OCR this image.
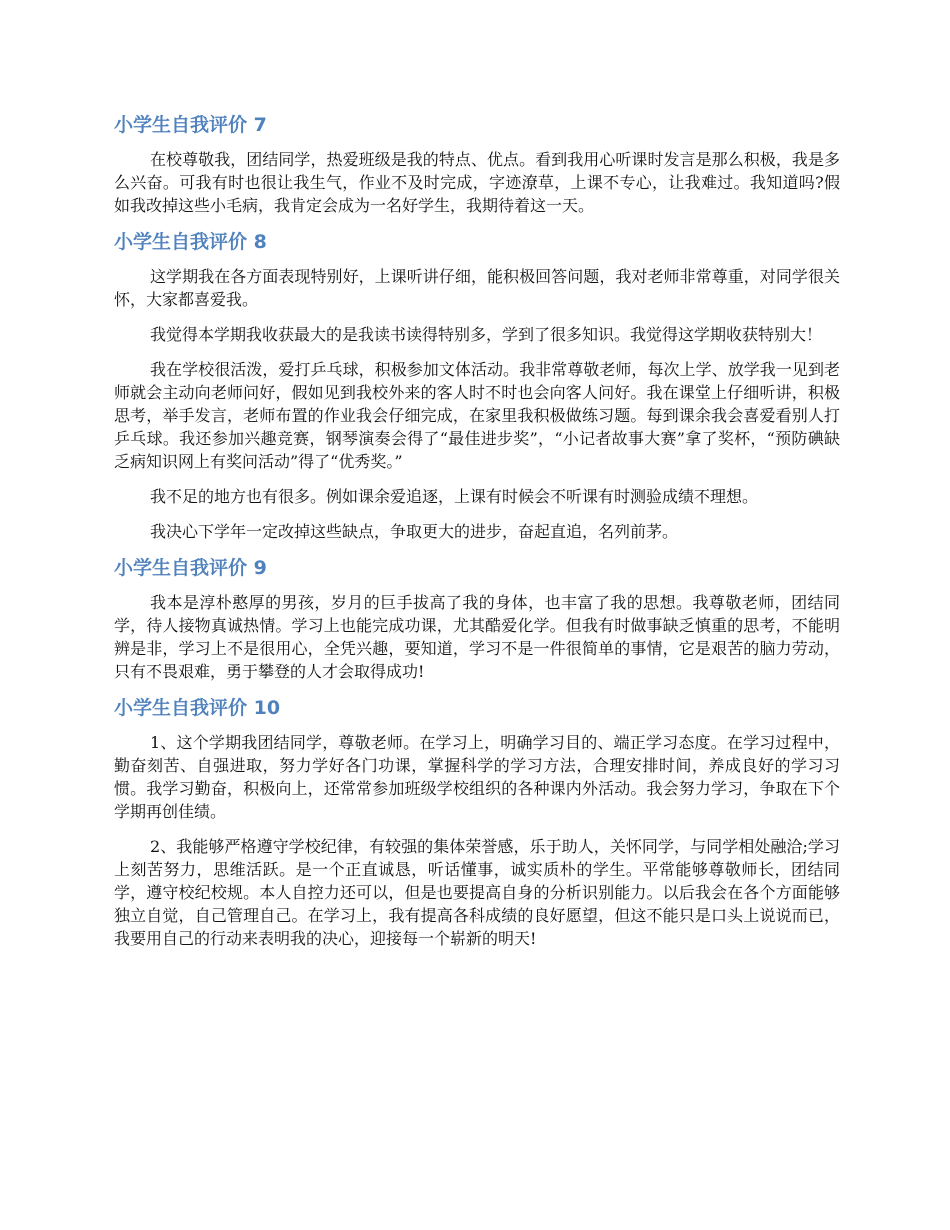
小学生自我评价 7

在校尊敬我，团结同学，热爱班级是我的特点、优点。看到我用心听课时发言是那么积极，我是多么兴奋。可我有时也很让我生气，作业不及时完成，字迹潦草，上课不专心，让我难过。我知道吗?假如我改掉这些小毛病，我肯定会成为一名好学生，我期待着这一天。

小学生自我评价 8

这学期我在各方面表现特别好，上课听讲仔细，能积极回答问题，我对老师非常尊重，对同学很关怀，大家都喜爱我。

我觉得本学期我收获最大的是我读书读得特别多，学到了很多知识。我觉得这学期收获特别大！

我在学校很活泼，爱打乒乓球，积极参加文体活动。我非常尊敬老师，每次上学、放学我一见到老师就会主动向老师问好，假如见到我校外来的客人时不时也会向客人问好。我在课堂上仔细听讲，积极思考，举手发言，老师布置的作业我会仔细完成，在家里我积极做练习题。每到课余我会喜爱看别人打乒乓球。我还参加兴趣竞赛，钢琴演奏会得了“最佳进步奖”，“小记者故事大赛”拿了奖杯，“预防碘缺乏病知识网上有奖问活动”得了“优秀奖。”

我不足的地方也有很多。例如课余爱追逐，上课有时候会不听课有时测验成绩不理想。

我决心下学年一定改掉这些缺点，争取更大的进步，奋起直追，名列前茅。

小学生自我评价 9

我本是淳朴憨厚的男孩，岁月的巨手拔高了我的身体，也丰富了我的思想。我尊敬老师，团结同学，待人接物真诚热情。学习上也能完成功课，尤其酷爱化学。但我有时做事缺乏慎重的思考，不能明辨是非，学习上不是很用心，全凭兴趣，要知道，学习不是一件很简单的事情，它是艰苦的脑力劳动，只有不畏艰难，勇于攀登的人才会取得成功!

小学生自我评价 10

1、这个学期我团结同学，尊敬老师。在学习上，明确学习目的、端正学习态度。在学习过程中，勤奋刻苦、自强进取，努力学好各门功课，掌握科学的学习方法，合理安排时间，养成良好的学习习惯。我学习勤奋，积极向上，还常常参加班级学校组织的各种课内外活动。我会努力学习，争取在下个学期再创佳绩。

2、我能够严格遵守学校纪律，有较强的集体荣誉感，乐于助人，关怀同学，与同学相处融洽;学习上刻苦努力，思维活跃。是一个正直诚恳，听话懂事，诚实质朴的学生。平常能够尊敬师长，团结同学，遵守校纪校规。本人自控力还可以，但是也要提高自身的分析识别能力。以后我会在各个方面能够独立自觉，自己管理自己。在学习上，我有提高各科成绩的良好愿望，但这不能只是口头上说说而已，我要用自己的行动来表明我的决心，迎接每一个崭新的明天!
